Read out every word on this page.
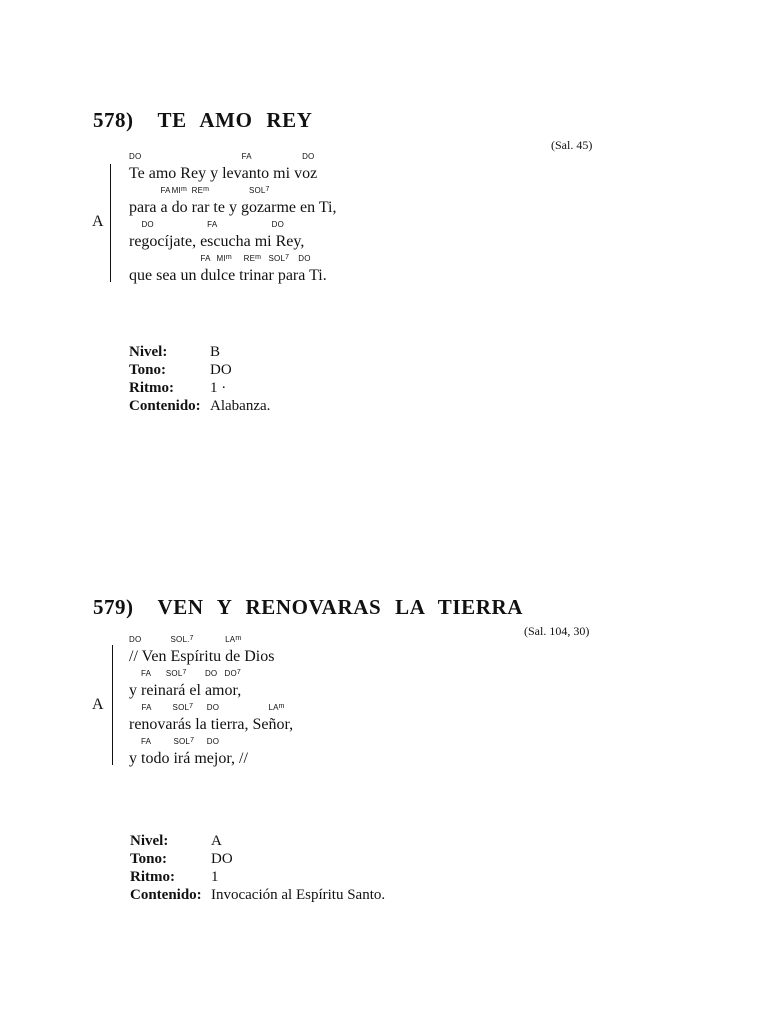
578) TE AMO REY
(Sal. 45)
A
Te amo Rey y levanto mi voz
DO	FA	DO
para a do rar te y gozarme en Ti,
FA $MI^m$ $RE^m$	SOL$^7$
regocíjate, escucha mi Rey,
DO	FA	DO
que sea un dulce trinar para Ti.
FA $MI^m$ $RE^m$ SOL$^7$ DO
Nivel:	B
Tono:	DO
Ritmo: 1 ·
Contenido: Alabanza.
579) VEN Y RENOVARAS LA TIERRA
(Sal. 104, 30)
A
// Ven Espíritu de Dios
DO	SOL.$^7$	$LA^m$
y reinará el amor,
FA SOL$^7$ DO $DO^7$
renovarás la tierra, Señor,
FA	SOL$^7$ DO	$LA^m$
y todo irá mejor, //
FA	SOL$^7$ DO
Nivel:	A
Tono:	DO
Ritmo: 1
Contenido: Invocación al Espíritu Santo.
